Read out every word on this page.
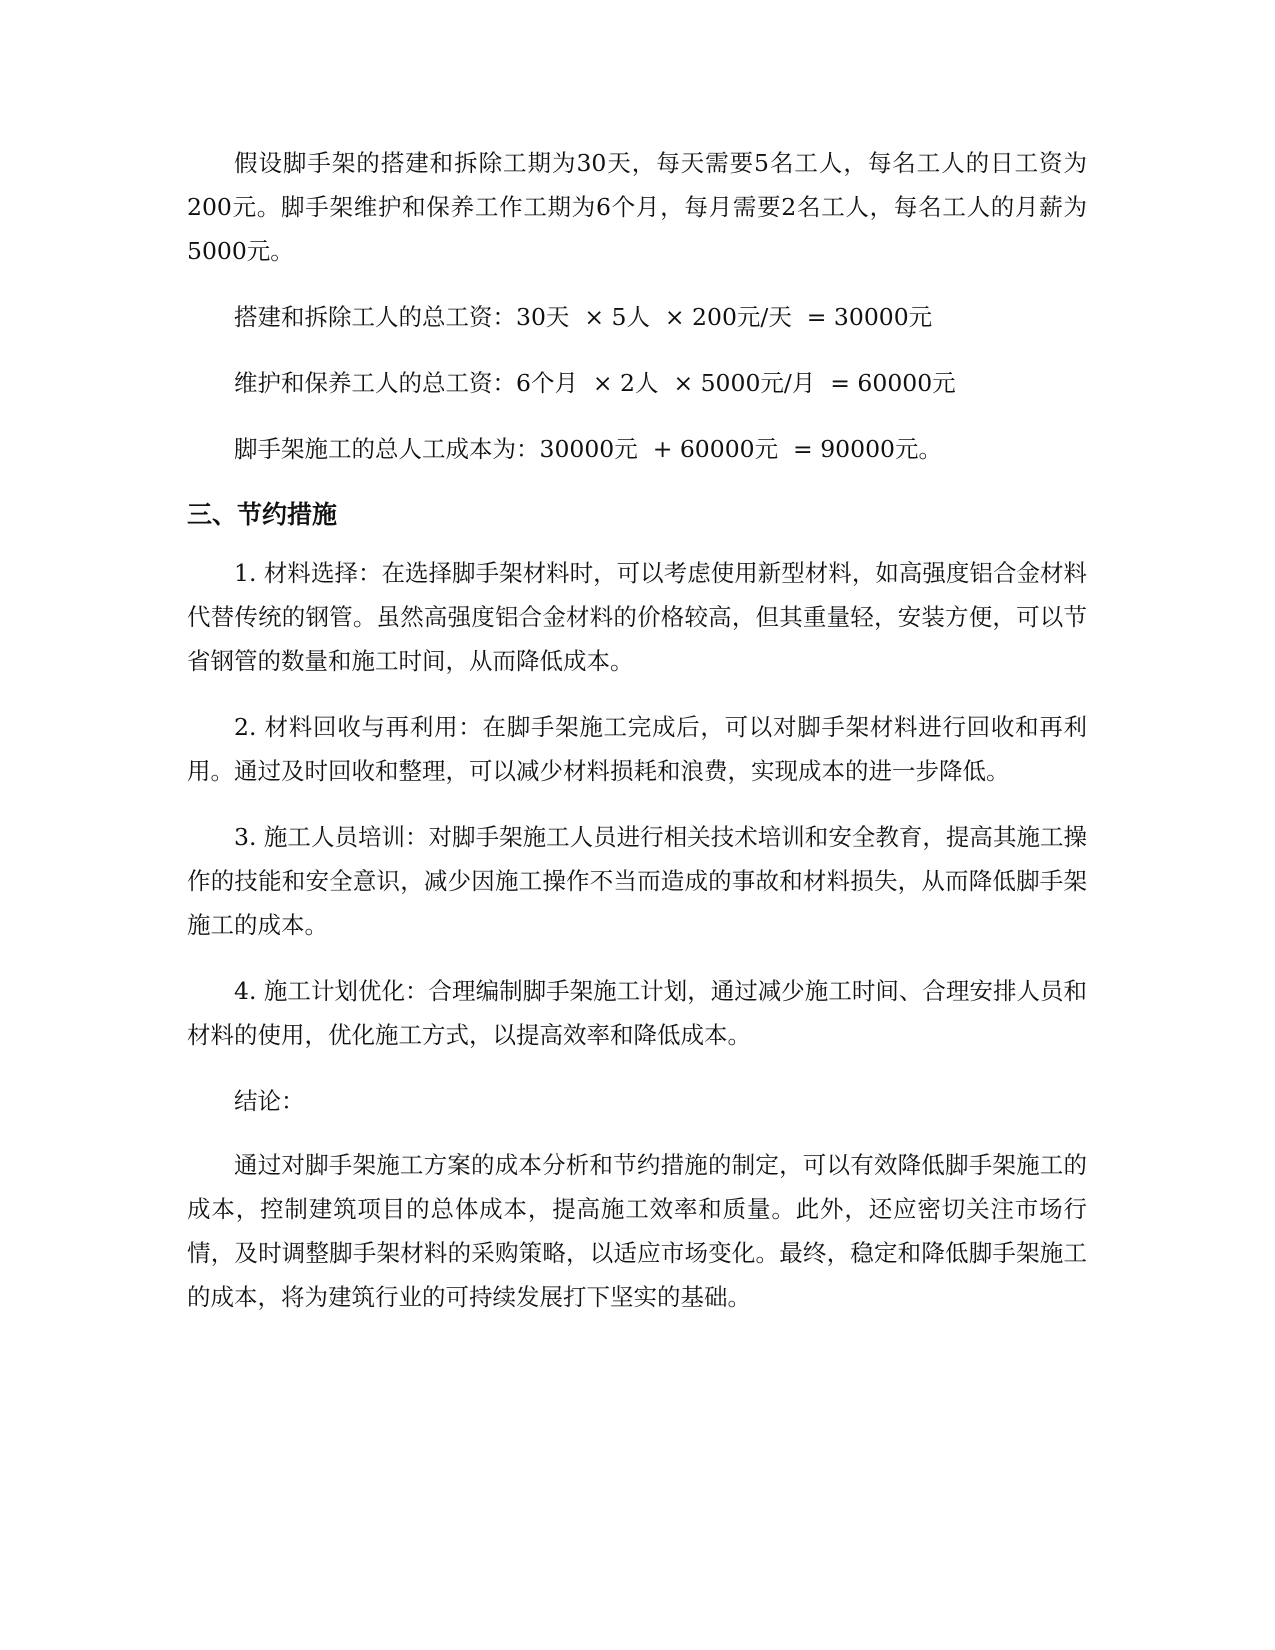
假设脚手架的搭建和拆除工期为30天，每天需要5名工人，每名工人的日工资为200元。脚手架维护和保养工作工期为6个月，每月需要2名工人，每名工人的月薪为5000元。

搭建和拆除工人的总工资：30天  × 5人  × 200元/天  = 30000元

维护和保养工人的总工资：6个月  × 2人  × 5000元/月  = 60000元

脚手架施工的总人工成本为：30000元  + 60000元  = 90000元。

三、节约措施

1. 材料选择：在选择脚手架材料时，可以考虑使用新型材料，如高强度铝合金材料代替传统的钢管。虽然高强度铝合金材料的价格较高，但其重量轻，安装方便，可以节省钢管的数量和施工时间，从而降低成本。

2. 材料回收与再利用：在脚手架施工完成后，可以对脚手架材料进行回收和再利用。通过及时回收和整理，可以减少材料损耗和浪费，实现成本的进一步降低。

3. 施工人员培训：对脚手架施工人员进行相关技术培训和安全教育，提高其施工操作的技能和安全意识，减少因施工操作不当而造成的事故和材料损失，从而降低脚手架施工的成本。

4. 施工计划优化：合理编制脚手架施工计划，通过减少施工时间、合理安排人员和材料的使用，优化施工方式，以提高效率和降低成本。

结论：

通过对脚手架施工方案的成本分析和节约措施的制定，可以有效降低脚手架施工的成本，控制建筑项目的总体成本，提高施工效率和质量。此外，还应密切关注市场行情，及时调整脚手架材料的采购策略，以适应市场变化。最终，稳定和降低脚手架施工的成本，将为建筑行业的可持续发展打下坚实的基础。
